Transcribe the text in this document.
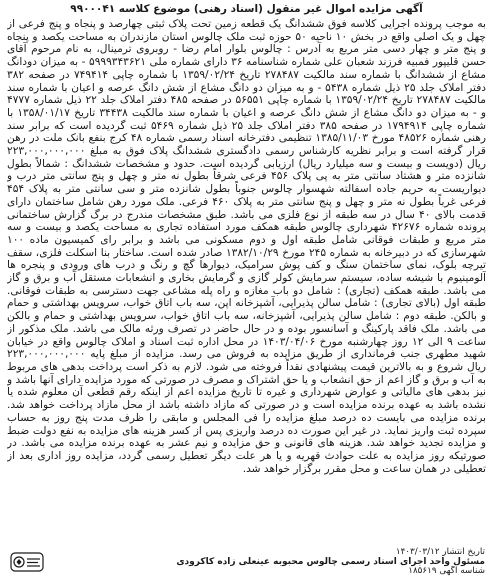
آگهی مزایده اموال غیر منقول (اسناد رهنی) موضوع کلاسه ۹۹۰۰۰۴۱

به موجب پرونده اجرایی کلاسه فوق ششدانگ یک قطعه زمین تحت پلاک ثبتی چهارصد و پنجاه و پنج فرعی از چهل و یک اصلی واقع در بخش ۱۰ ناحیه ۵۰ حوزه ثبت ملک چالوس استان مازندران به مساحت یکصد و پنجاه و پنج متر و چهار دسی متر مربع به آدرس : چالوس بلوار امام رضا - روبروی ترمینال، به نام مرحوم آقای حسن قلیپور فمبیه فرزند شعبان علی شماره شناسنامه ۳۶ دارای شماره ملی ۵۹۹۹۳۴۳۶۲۱ - به میزان دودانگ مشاع از ششدانگ با شماره سند مالکیت ۲۷۸۴۸۷ تاریخ ۱۳۵۹/۰۲/۲۴ با شماره چاپی ۷۴۹۴۱۴ در صفحه ۳۸۲ دفتر املاک جلد ۲۵ ذیل شماره ۵۴۳۸ - و به میزان دو دانگ مشاع از شش دانگ عرصه و اعیان با شماره سند مالکیت ۲۷۸۴۸۷ تاریخ ۱۳۵۹/۰۲/۲۴ با شماره چاپی ۵۶۵۵۱ در صفحه ۴۸۵ دفتر املاک جلد ۲۲ ذیل شماره ۴۷۷۷ و - به میزان دو دانگ مشاع از شش دانگ عرصه و اعیان با شماره سند مالکیت ۳۴۴۳۸ تاریخ ۱۳۵۸/۰۱/۱۷ با شماره چاپی ۱۷۹۴۹۱۴ در صفحه ۳۸۵ دفتر املاک جلد ۲۵ ذیل شماره ۵۴۶۹ ثبت گردیده است که برابر سند رهنی شماره ۴۸۵۲۶ مورخ ۱۳۸۵/۱۱/۰۳ تنظیمی دفترخانه اسناد رسمی شماره ۴۸ کرج بنفع بانک ملت در رهن قرار گرفته است و برابر نظریه کارشناس رسمی دادگستری ششدانگ پلاک فوق به مبلغ ۲۲۳,۰۰۰,۰۰۰,۰۰۰ ریال (دویست و بیست و سه میلیارد ریال) ارزیابی گردیده است. حدود و مشخصات ششدانگ : شمالاً بطول شانزده متر و هشتاد سانتی متر به پی پلاک ۴۵۶ فرعی شرقاً بطول نه متر و چهل و پنج سانتی متر درب و دیواریست به حریم جاده اسفالته شهسوار چالوس جنوباً بطول شانزده متر و سی سانتی متر به پلاک ۴۵۴ فرعی غرباً بطول نه متر و چهل و پنج سانتی متر به پلاک ۴۶۰ فرعی. ملک مورد رهن شامل ساختمان دارای قدمت بالای ۴۰ سال در سه طبقه از نوع فلزی می باشد. طبق مشخصات مندرج در برگ گزارش ساختمانی پرونده شماره ۴۲۶۷۶ شهرداری چالوس طبقه همکف مورد استفاده تجاری به مساحت یکصد و بیست و سه متر مربع و طبقات فوقانی شامل طبقه اول و دوم مسکونی می باشد و برابر رای کمیسیون ماده ۱۰۰ شهرسازی که در دبیرخانه به شماره ۲۴۵ مورخ ۱۳۸۲/۱۰/۲۹ صادر شده است. ساختار بنا اسکلت فلزی، سقف تیرچه بلوک، نمای ساختمان سنگ و کف پوش سرامیک، دیوارها گچ و رنگ و درب های ورودی و پنجره ها آلومینیوم با شیشه ساده، سیستم سرمایش کولر گازی و گرمایش بخاری و انشعابات مستقل آب و برق و گاز می باشد. طبقه همکف (تجاری) : شامل دو باب مغازه و راه پله مشاعی جهت دسترسی به طبقات فوقانی. طبقه اول (بالای تجاری) : شامل سالن پذیرایی، آشپزخانه اپن، سه باب اتاق خواب، سرویس بهداشتی و حمام و بالکن. طبقه دوم : شامل سالن پذیرایی، آشپزخانه، سه باب اتاق خواب، سرویس بهداشتی و حمام و بالکن می باشد. ملک فاقد پارکینگ و آسانسور بوده و در حال حاضر در تصرف ورثه مالک می باشد. ملک مذکور از ساعت ۹ الی ۱۲ روز چهارشنبه مورخ ۱۴۰۳/۰۴/۰۶ در محل اداره ثبت اسناد و املاک چالوس واقع در خیابان شهید مطهری جنب فرمانداری از طریق مزایده به فروش می رسد. مزایده از مبلغ پایه ۲۲۳,۰۰۰,۰۰۰,۰۰۰ ریال شروع و به بالاترین قیمت پیشنهادی نقداً فروخته می شود. لازم به ذکر است پرداخت بدهی های مربوط به آب و برق و گاز اعم از حق انشعاب و یا حق اشتراک و مصرف در صورتی که مورد مزایده دارای آنها باشد و نیز بدهی های مالیاتی و عوارض شهرداری و غیره تا تاریخ مزایده اعم از اینکه رقم قطعی آن معلوم شده یا نشده باشد به عهده برنده مزایده است و در صورتی که مازاد داشته باشد از محل مازاد پرداخت خواهد شد. برنده مزایده می بایست ده درصد مبلغ مزایده را فی المجلس و مابقی را ظرف مدت پنج روز به حساب سپرده ثبت واریز نماید. در غیر این صورت ده درصد واریزی پس از کسر هزینه های مزایده به نفع دولت ضبط و مزایده تجدید خواهد شد. هزینه های قانونی و حق مزایده و نیم عشر به عهده برنده مزایده می باشد. در صورتیکه روز مزایده به علت حوادث قهریه و یا هر علت دیگر تعطیل رسمی گردد، مزایده روز اداری بعد از تعطیلی در همان ساعت و محل مقرر برگزار خواهد شد.

تاریخ انتشار ۱۴۰۳/۰۳/۱۲
مسئول واحد اجرای اسناد رسمی چالوس محبوبه عینعلی زاده کاکرودی
شناسه آگهی ۱۸۵۶۱۹
